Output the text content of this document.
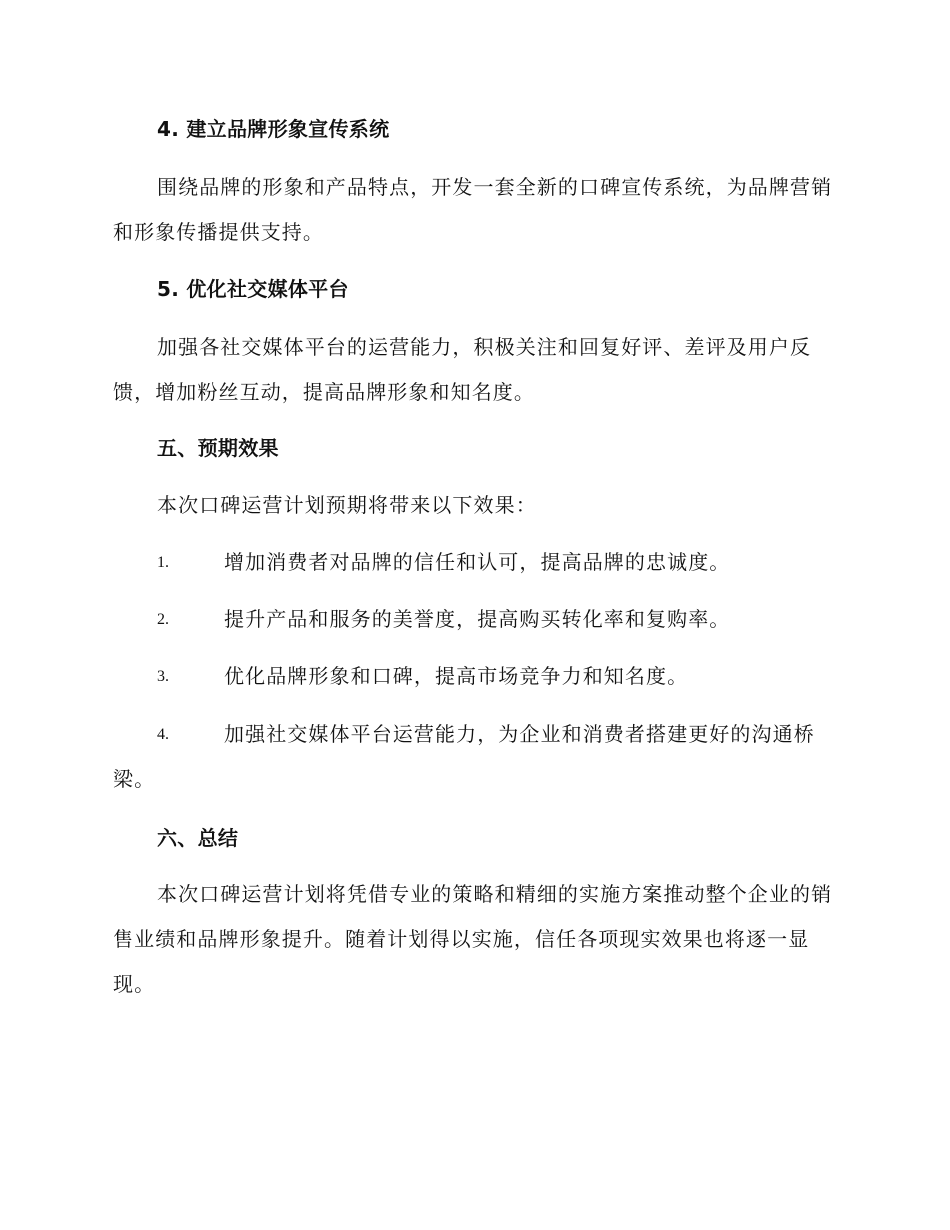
4. 建立品牌形象宣传系统

围绕品牌的形象和产品特点，开发一套全新的口碑宣传系统，为品牌营销和形象传播提供支持。

5. 优化社交媒体平台

加强各社交媒体平台的运营能力，积极关注和回复好评、差评及用户反馈，增加粉丝互动，提高品牌形象和知名度。

五、预期效果

本次口碑运营计划预期将带来以下效果：

1.	增加消费者对品牌的信任和认可，提高品牌的忠诚度。
2.	提升产品和服务的美誉度，提高购买转化率和复购率。
3.	优化品牌形象和口碑，提高市场竞争力和知名度。
4.	加强社交媒体平台运营能力，为企业和消费者搭建更好的沟通桥梁。
六、总结

本次口碑运营计划将凭借专业的策略和精细的实施方案推动整个企业的销售业绩和品牌形象提升。随着计划得以实施，信任各项现实效果也将逐一显现。
